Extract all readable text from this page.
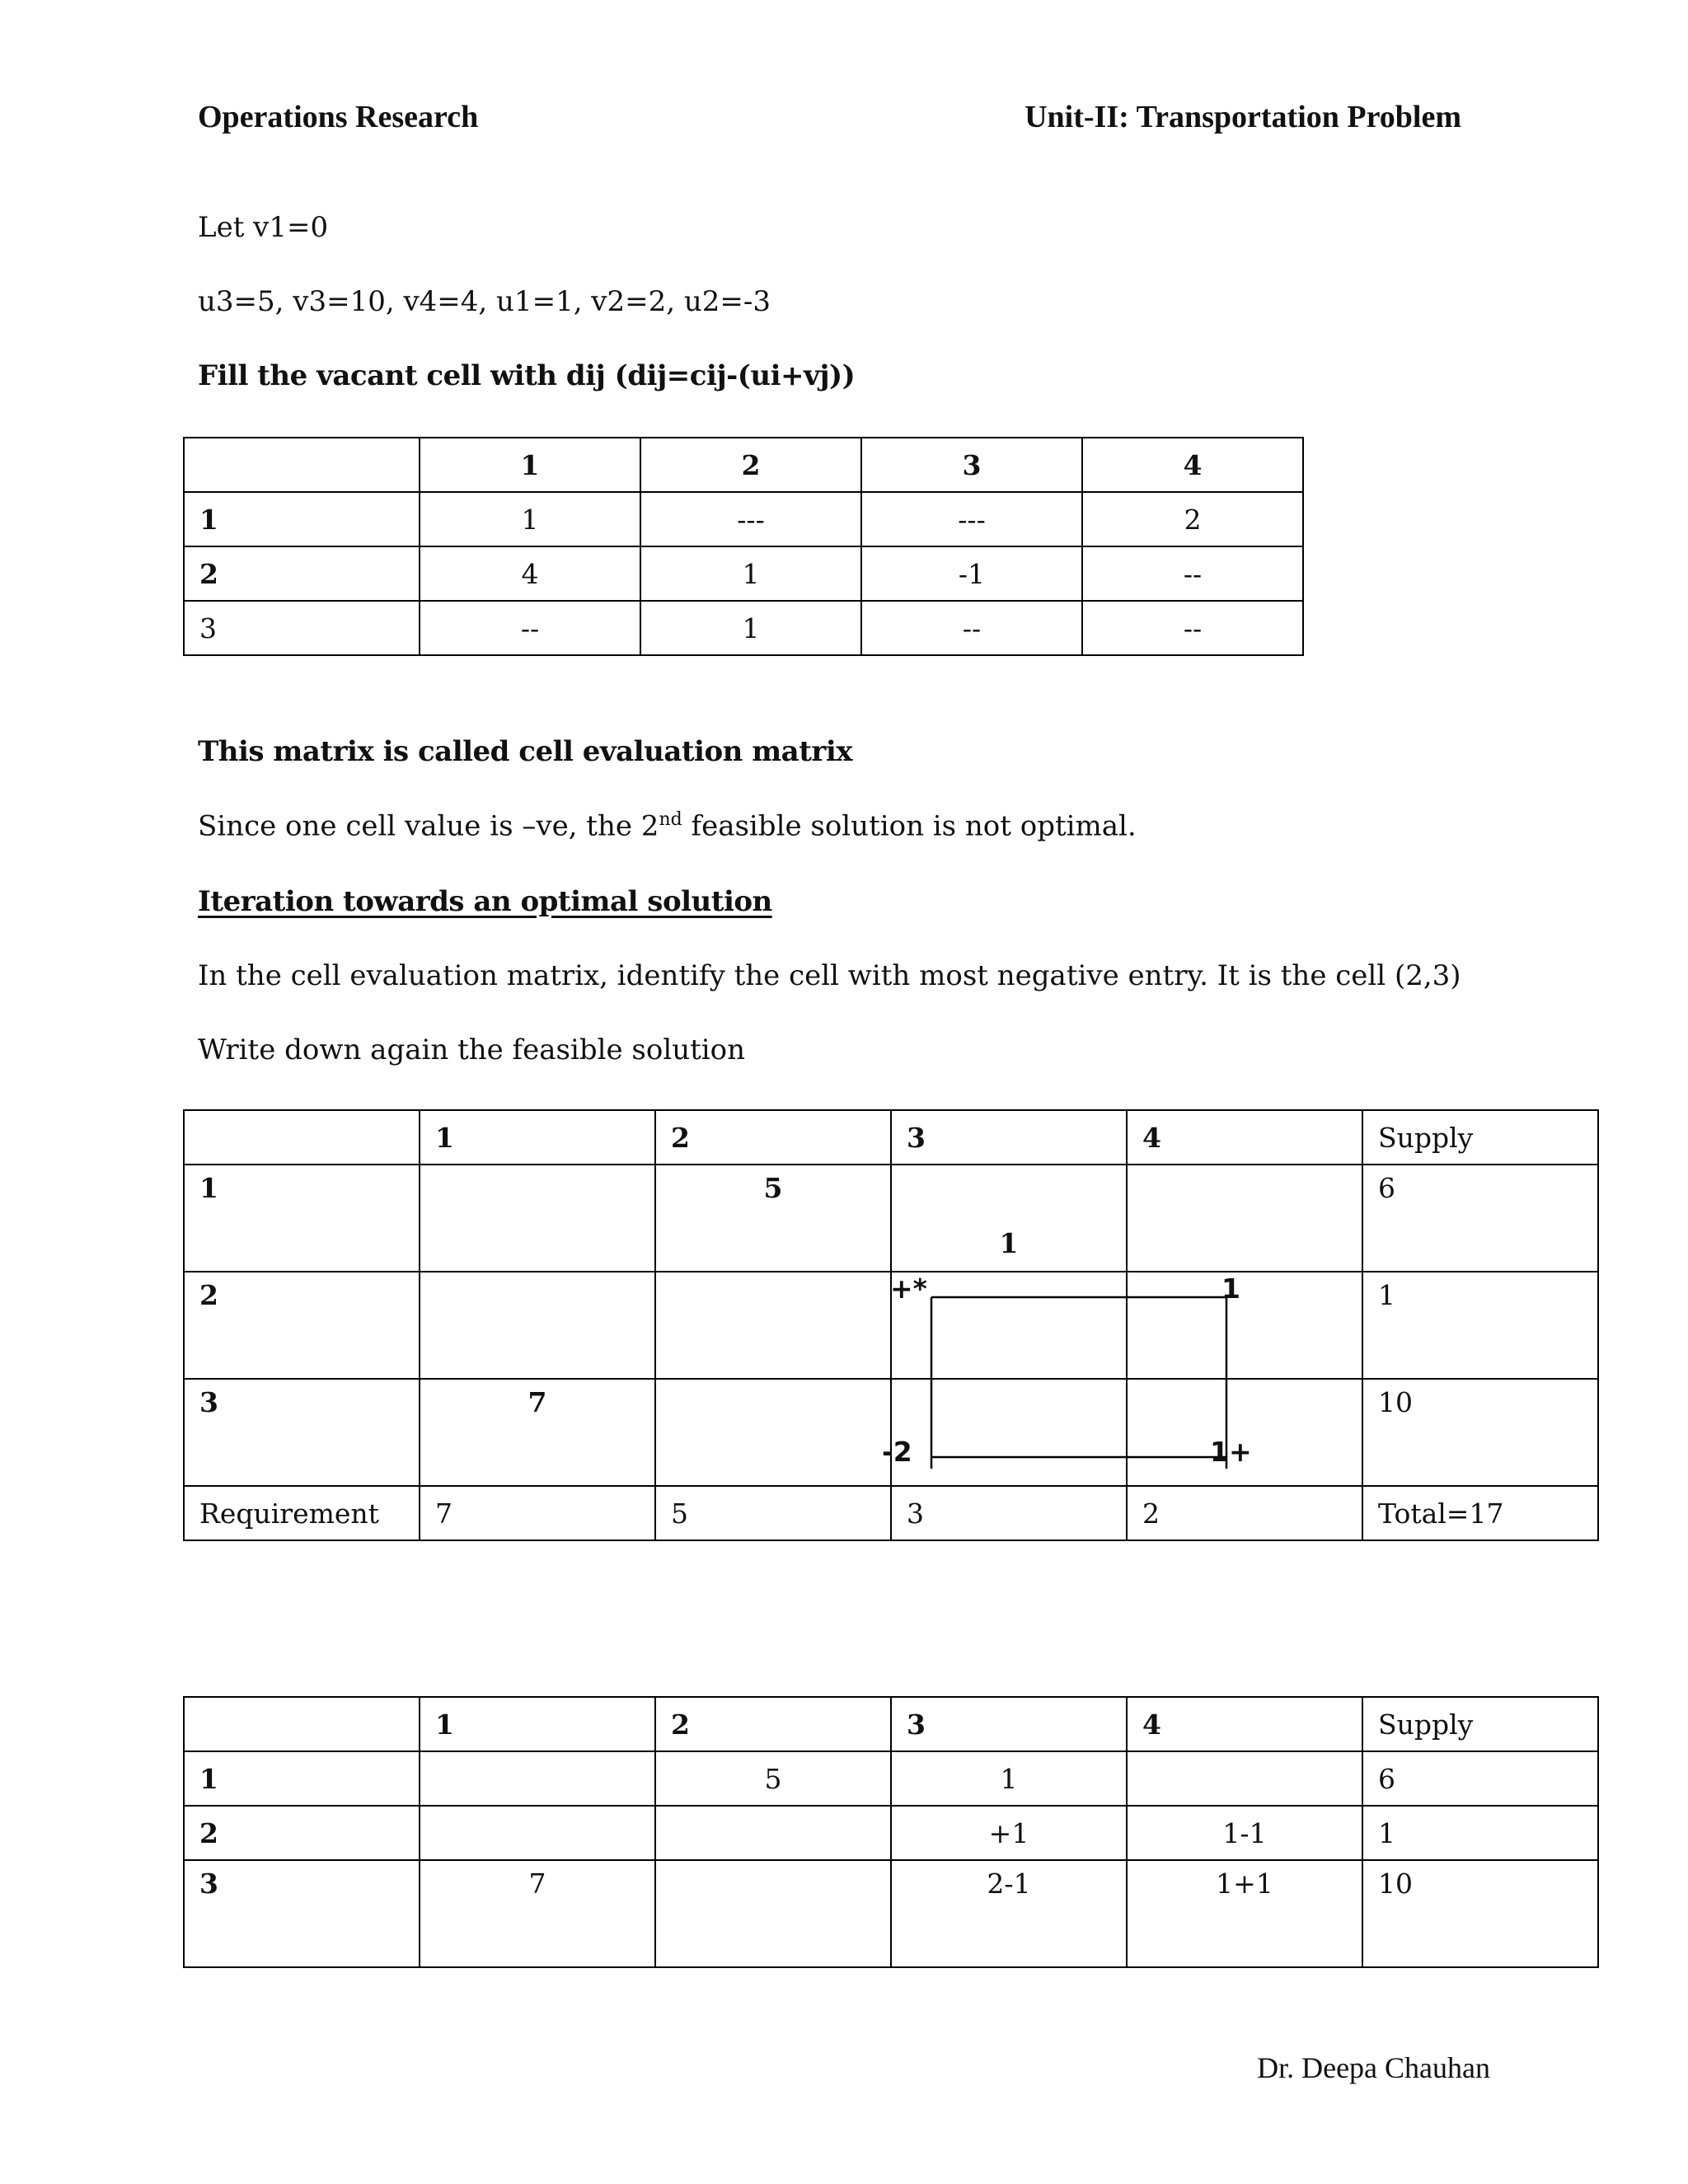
Operations Research	Unit-II: Transportation Problem
Let v1=0
u3=5, v3=10, v4=4, u1=1, v2=2, u2=-3
Fill the vacant cell with dij (dij=cij-(ui+vj))
	1	2	3	4
1	1	---	---	2
2	4	1	-1	--
3	--	1	--	--
This matrix is called cell evaluation matrix
Since one cell value is –ve, the 2nd feasible solution is not optimal.
Iteration towards an optimal solution
In the cell evaluation matrix, identify the cell with most negative entry. It is the cell (2,3)
Write down again the feasible solution
	1	2	3	4	Supply
1		5	1		6
2					1
3	7				10
Requirement	7	5	3	2	Total=17
+*	1
-2	1+
	1	2	3	4	Supply
1		5	1		6
2			+1	1-1	1
3	7		2-1	1+1	10
Dr. Deepa Chauhan
